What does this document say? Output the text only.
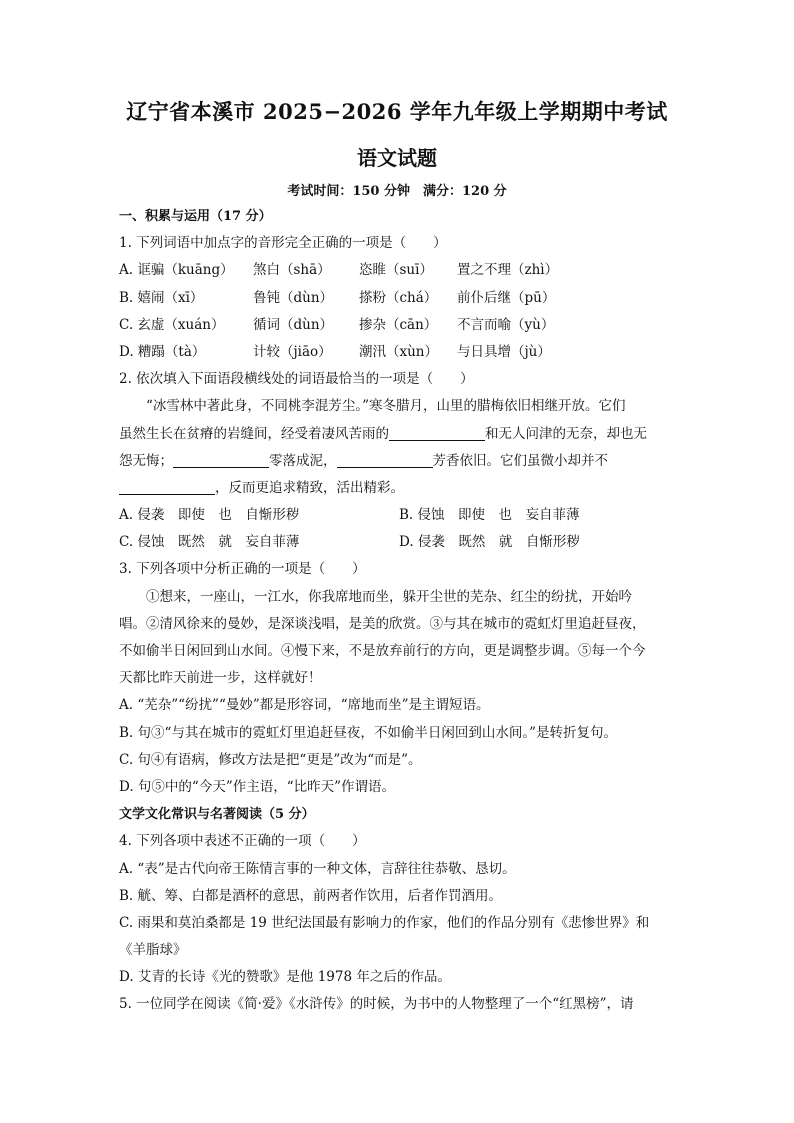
辽宁省本溪市 2025−2026 学年九年级上学期期中考试
语文试题
考试时间：150 分钟　满分：120 分
一、积累与运用（17 分）
1. 下列词语中加点字的音形完全正确的一项是（　　）
A. 诓骗（kuāng）	煞白（shā）	恣睢（suī）	置之不理（zhì）
B. 嬉闹（xī）	鲁钝（dùn）	搽粉（chá）	前仆后继（pū）
C. 玄虚（xuán）	循词（dùn）	掺杂（cān）	不言而喻（yù）
D. 糟蹋（tà）	计较（jiāo）	潮汛（xùn）	与日具增（jù）
2. 依次填入下面语段横线处的词语最恰当的一项是（　　）
“冰雪林中著此身，不同桃李混芳尘。”寒冬腊月，山里的腊梅依旧相继开放。它们
虽然生长在贫瘠的岩缝间，经受着凄风苦雨的	和无人问津的无奈，却也无
怨无悔；	零落成泥，	芳香依旧。它们虽微小却并不
，反而更追求精致，活出精彩。
A. 侵袭　即使　也　自惭形秽	B. 侵蚀　即使　也　妄自菲薄
C. 侵蚀　既然　就　妄自菲薄	D. 侵袭　既然　就　自惭形秽
3. 下列各项中分析正确的一项是（　　）
①想来，一座山，一江水，你我席地而坐，躲开尘世的芜杂、红尘的纷扰，开始吟
唱。②清风徐来的曼妙，是深谈浅唱，是美的欣赏。③与其在城市的霓虹灯里追赶昼夜，
不如偷半日闲回到山水间。④慢下来，不是放弃前行的方向，更是调整步调。⑤每一个今
天都比昨天前进一步，这样就好！
A. “芜杂”“纷扰”“曼妙”都是形容词，“席地而坐”是主谓短语。
B. 句③“与其在城市的霓虹灯里追赶昼夜，不如偷半日闲回到山水间。”是转折复句。
C. 句④有语病，修改方法是把“更是”改为“而是”。
D. 句⑤中的“今天”作主语，“比昨天”作谓语。
文学文化常识与名著阅读（5 分）
4. 下列各项中表述不正确的一项（　　）
A. “表”是古代向帝王陈情言事的一种文体，言辞往往恭敬、恳切。
B. 觥、筹、白都是酒杯的意思，前两者作饮用，后者作罚酒用。
C. 雨果和莫泊桑都是 19 世纪法国最有影响力的作家，他们的作品分别有《悲惨世界》和
《羊脂球》
D. 艾青的长诗《光的赞歌》是他 1978 年之后的作品。
5. 一位同学在阅读《简·爱》《水浒传》的时候，为书中的人物整理了一个“红黑榜”，请
